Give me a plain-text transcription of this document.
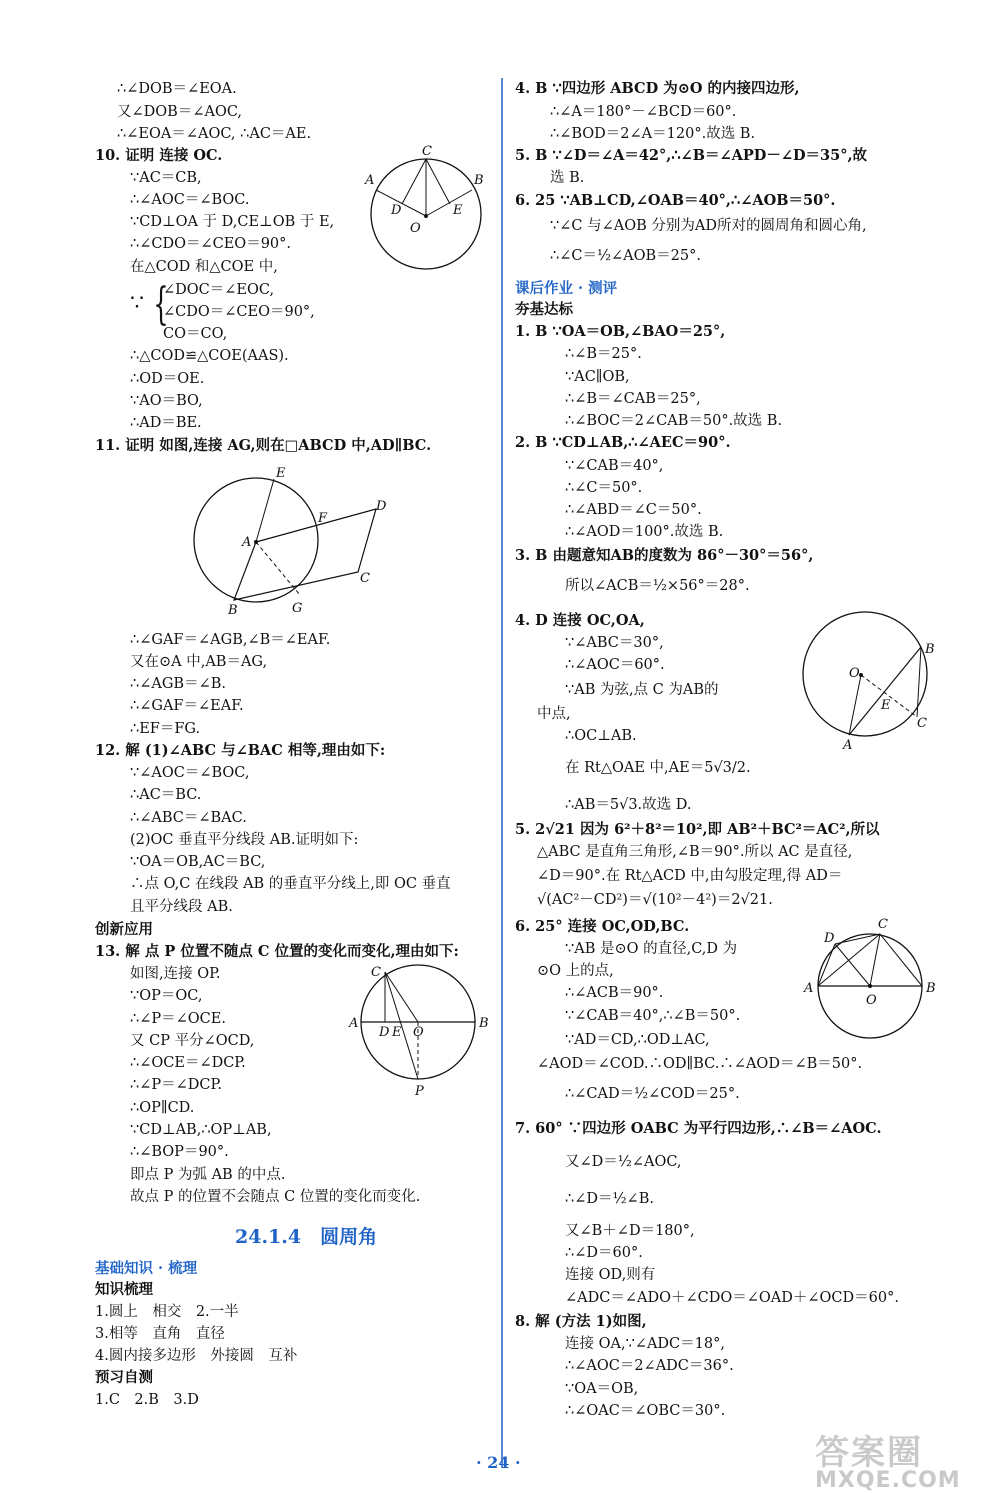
∴∠DOB＝∠EOA.
又∠DOB＝∠AOC,
∴∠EOA＝∠AOC, ∴AC＝AE.
10. 证明 连接 OC.
∵AC＝CB,
∴∠AOC＝∠BOC.
∵CD⊥OA 于 D,CE⊥OB 于 E,
∴∠CDO＝∠CEO＝90°.
在△COD 和△COE 中,
∵ {
∠DOC＝∠EOC,
∠CDO＝∠CEO＝90°,
CO＝CO,
∴△COD≌△COE(AAS).
∴OD＝OE.
∵AO＝BO,
∴AD＝BE.
11. 证明 如图,连接 AG,则在□ABCD 中,AD∥BC.
∴∠GAF＝∠AGB,∠B＝∠EAF.
又在⊙A 中,AB＝AG,
∴∠AGB＝∠B.
∴∠GAF＝∠EAF.
∴EF＝FG.
12. 解 (1)∠ABC 与∠BAC 相等,理由如下:
∵∠AOC＝∠BOC,
∴AC＝BC.
∴∠ABC＝∠BAC.
(2)OC 垂直平分线段 AB.证明如下:
∵OA＝OB,AC＝BC,
∴点 O,C 在线段 AB 的垂直平分线上,即 OC 垂直
且平分线段 AB.
创新应用
13. 解 点 P 位置不随点 C 位置的变化而变化,理由如下:
如图,连接 OP.
∵OP＝OC,
∴∠P＝∠OCE.
又 CP 平分∠OCD,
∴∠OCE＝∠DCP.
∴∠P＝∠DCP.
∴OP∥CD.
∵CD⊥AB,∴OP⊥AB,
∴∠BOP＝90°.
即点 P 为弧 AB 的中点.
故点 P 的位置不会随点 C 位置的变化而变化.
基础知识 · 梳理
知识梳理
1.圆上　相交　2.一半
3.相等　直角　直径
4.圆内接多边形　外接圆　互补
预习自测
1.C　2.B　3.D
24.1.4　圆周角
4. B ∵四边形 ABCD 为⊙O 的内接四边形,
∴∠A＝180°－∠BCD＝60°.
∴∠BOD＝2∠A＝120°.故选 B.
5. B ∵∠D＝∠A＝42°,∴∠B＝∠APD－∠D＝35°,故
选 B.
6. 25 ∵AB⊥CD,∠OAB＝40°,∴∠AOB＝50°.
∵∠C 与∠AOB 分别为AD所对的圆周角和圆心角,
∴∠C＝½∠AOB＝25°.
课后作业 · 测评
夯基达标
1. B ∵OA＝OB,∠BAO＝25°,
∴∠B＝25°.
∵AC∥OB,
∴∠B＝∠CAB＝25°,
∴∠BOC＝2∠CAB＝50°.故选 B.
2. B ∵CD⊥AB,∴∠AEC＝90°.
∵∠CAB＝40°,
∴∠C＝50°.
∴∠ABD＝∠C＝50°.
∴∠AOD＝100°.故选 B.
3. B 由题意知AB的度数为 86°－30°＝56°,
所以∠ACB＝½×56°＝28°.
4. D 连接 OC,OA,
∵∠ABC＝30°,
∴∠AOC＝60°.
∵AB 为弦,点 C 为AB的
中点,
∴OC⊥AB.
在 Rt△OAE 中,AE＝5√3/2.
∴AB＝5√3.故选 D.
5. 2√21 因为 6²＋8²＝10²,即 AB²＋BC²＝AC²,所以
△ABC 是直角三角形,∠B＝90°.所以 AC 是直径,
∠D＝90°.在 Rt△ACD 中,由勾股定理,得 AD＝
√(AC²－CD²)＝√(10²－4²)＝2√21.
6. 25° 连接 OC,OD,BC.
∵AB 是⊙O 的直径,C,D 为
⊙O 上的点,
∴∠ACB＝90°.
∵∠CAB＝40°,∴∠B＝50°.
∵AD＝CD,∴OD⊥AC,
∠AOD＝∠COD.∴OD∥BC.∴∠AOD＝∠B＝50°.
∴∠CAD＝½∠COD＝25°.
7. 60° ∵四边形 OABC 为平行四边形,∴∠B＝∠AOC.
又∠D＝½∠AOC,
∴∠D＝½∠B.
又∠B＋∠D＝180°,
∴∠D＝60°.
连接 OD,则有
∠ADC＝∠ADO＋∠CDO＝∠OAD＋∠OCD＝60°.
8. 解 (方法 1)如图,
连接 OA,∵∠ADC＝18°,
∴∠AOC＝2∠ADC＝36°.
∵OA＝OB,
∴∠OAC＝∠OBC＝30°.
C
A	B
D	E
O
E
D
F
A
C
B	G
C
A
D E O
B
P
B
O
E
C
A
C
D
A
O
B
· 24 ·	答案圈
MXQE.COM
